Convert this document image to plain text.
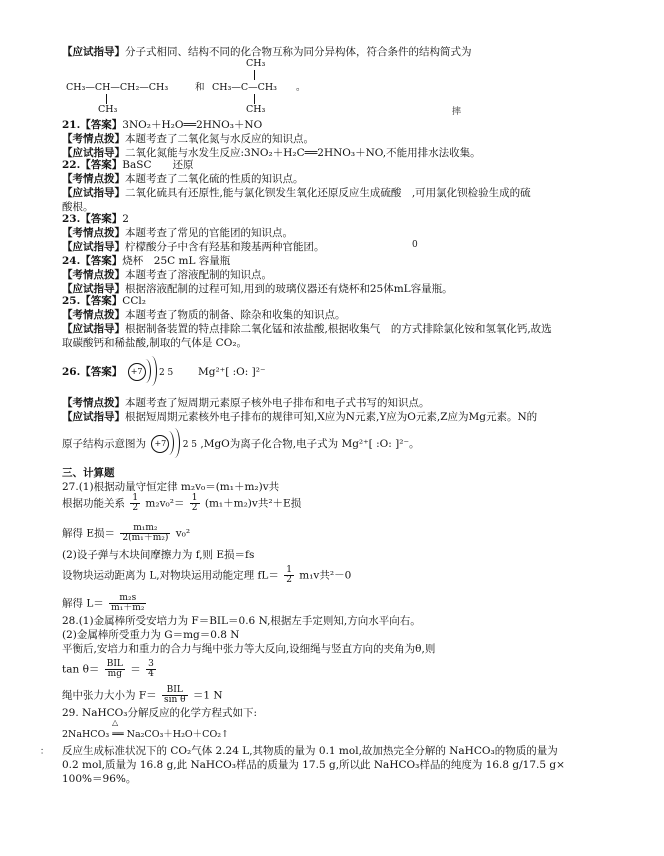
【应试指导】分子式相同、结构不同的化合物互称为同分异构体，符合条件的结构简式为
21.【答案】3NO₂＋H₂O══2HNO₃＋NO
【考情点拨】本题考查了二氧化氮与水反应的知识点。
【应试指导】二氧化氮能与水发生反应:3NO₂＋H₂C══2HNO₃＋NO,不能用排水法收集。
22.【答案】BaSC　　还原
【考情点拨】本题考查了二氧化硫的性质的知识点。
【应试指导】二氧化硫具有还原性,能与氯化钡发生氧化还原反应生成硫酸　,可用氯化钡检验生成的硫
酸根。
23.【答案】2
【考情点拨】本题考查了常见的官能团的知识点。
【应试指导】柠檬酸分子中含有羟基和羧基两种官能团。
24.【答案】烧杯　25C mL 容量瓶
【考情点拨】本题考查了溶液配制的知识点。
【应试指导】根据溶液配制的过程可知,用到的玻璃仪器还有烧杯和25体mL容量瓶。
25.【答案】CCl₂
【考情点拨】本题考查了物质的制备、除杂和收集的知识点。
【应试指导】根据制备装置的特点排除二氧化锰和浓盐酸,根据收集气　的方式排除氯化铵和氢氧化钙,故选
取碳酸钙和稀盐酸,制取的气体是 CO₂。
【考情点拨】本题考查了短周期元素原子核外电子排布和电子式书写的知识点。
【应试指导】根据短周期元素核外电子排布的规律可知,X应为N元素,Y应为O元素,Z应为Mg元素。N的
三、计算题
27.(1)根据动量守恒定律 m₂v₀＝(m₁＋m₂)v共
(2)设子弹与木块间摩擦力为 f,则 E损＝fs
28.(1)金属棒所受安培力为 F＝BIL＝0.6 N,根据左手定则知,方向水平向右。
(2)金属棒所受重力为 G＝mg＝0.8 N
平衡后,安培力和重力的合力与绳中张力等大反向,设细绳与竖直方向的夹角为θ,则
29. NaHCO₃分解反应的化学方程式如下:
反应生成标准状况下的 CO₂气体 2.24 L,其物质的量为 0.1 mol,故加热完全分解的 NaHCO₃的物质的量为
0.2 mol,质量为 16.8 g,此 NaHCO₃样品的质量为 17.5 g,所以此 NaHCO₃样品的纯度为 16.8 g/17.5 g×
100%＝96%。
CH₃
CH₃—CH—CH₂—CH₃
CH₃
和 CH₃—C—CH₃
CH₃
。
摔
0
26.【答案】	+7	2 5 Mg²⁺[ :O: ]²⁻
原子结构示意图为	+7	2 5 ,MgO为离子化合物,电子式为 Mg²⁺[ :O: ]²⁻。
根据功能关系 $\frac{1}{2} m_2v_0^2= \frac{1}{2} (m_1+m_2)v$共²＋E损
解得 E损＝ $\frac{\text{m₁m₂}}{\text{2(m₁＋m₂)}} v_0^2$
设物块运动距离为 L,对物块运用动能定理 $fL= \frac{1}{2} m_1v$共²－0
解得 $L= \frac{\text{m₂s}}{\text{m₁＋m₂}}$
$\tan \theta= \frac{\text{BIL}}{mg} = \frac{3}{4}$
绳中张力大小为 $F= \frac{\text{BIL}}{\text{sin θ}} =1$ N
△
2NaHCO₃ ══ Na₂CO₃＋H₂O＋CO₂↑
：
